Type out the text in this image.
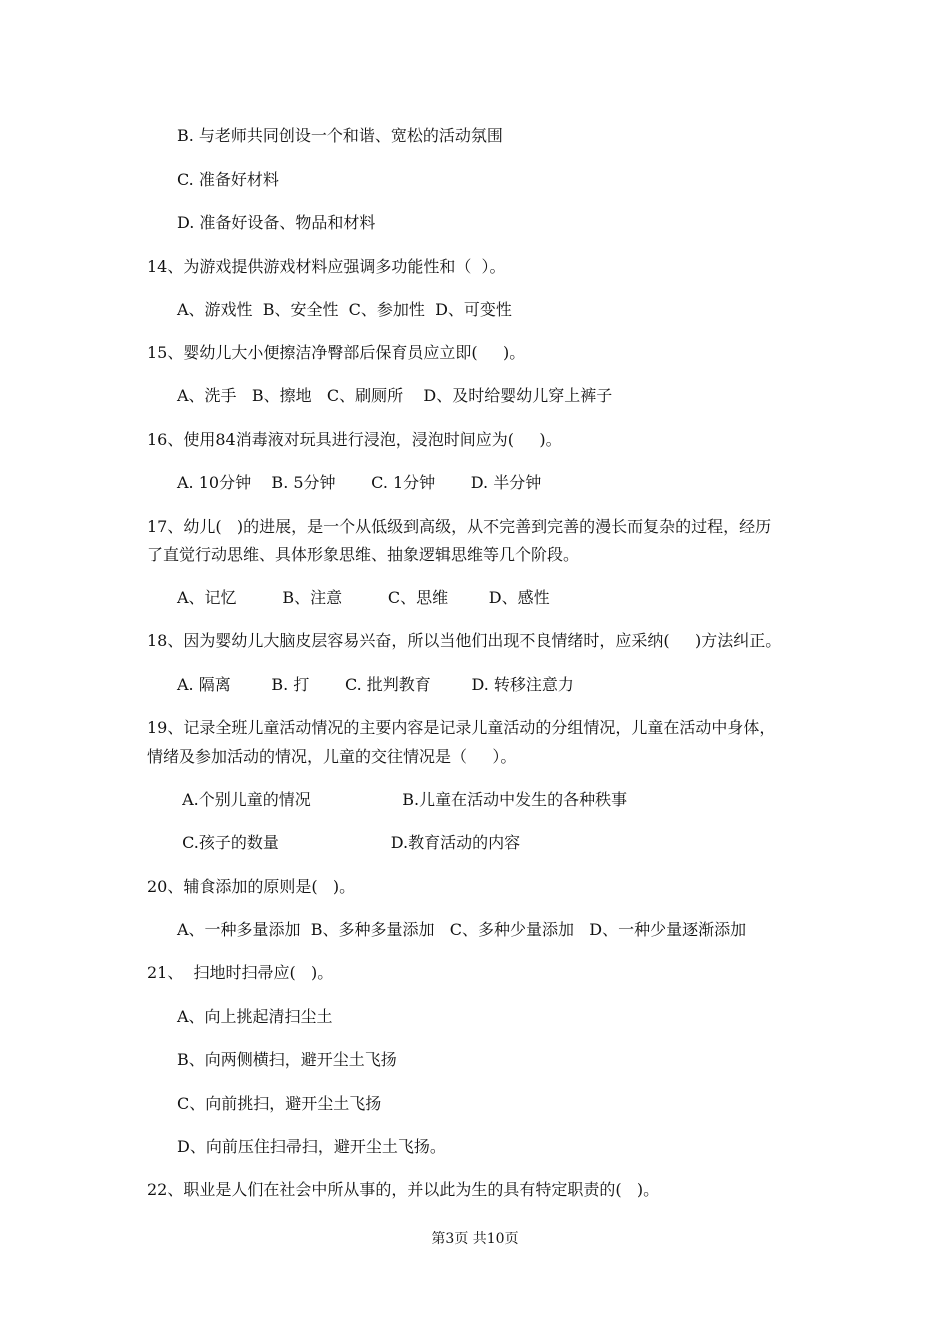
B. 与老师共同创设一个和谐、宽松的活动氛围
C. 准备好材料
D. 准备好设备、物品和材料
14、为游戏提供游戏材料应强调多功能性和（  ）。
A、游戏性  B、安全性  C、参加性  D、可变性
15、婴幼儿大小便擦洁净臀部后保育员应立即(     )。
A、洗手   B、擦地   C、刷厕所    D、及时给婴幼儿穿上裤子
16、使用84消毒液对玩具进行浸泡，浸泡时间应为(     )。
A. 10分钟    B. 5分钟       C. 1分钟       D. 半分钟
17、幼儿(   )的进展，是一个从低级到高级，从不完善到完善的漫长而复杂的过程，经历
了直觉行动思维、具体形象思维、抽象逻辑思维等几个阶段。
A、记忆         B、注意         C、思维        D、感性
18、因为婴幼儿大脑皮层容易兴奋，所以当他们出现不良情绪时，应采纳(     )方法纠正。
A. 隔离        B. 打       C. 批判教育        D. 转移注意力
19、记录全班儿童活动情况的主要内容是记录儿童活动的分组情况，儿童在活动中身体，
情绪及参加活动的情况，儿童的交往情况是（     ）。
A.个别儿童的情况                  B.儿童在活动中发生的各种秩事
C.孩子的数量                      D.教育活动的内容
20、辅食添加的原则是(   )。
A、一种多量添加  B、多种多量添加   C、多种少量添加   D、一种少量逐渐添加
21、  扫地时扫帚应(   )。
A、向上挑起清扫尘土
B、向两侧横扫，避开尘土飞扬
C、向前挑扫，避开尘土飞扬
D、向前压住扫帚扫，避开尘土飞扬。
22、职业是人们在社会中所从事的，并以此为生的具有特定职责的(   )。
第3页 共10页
